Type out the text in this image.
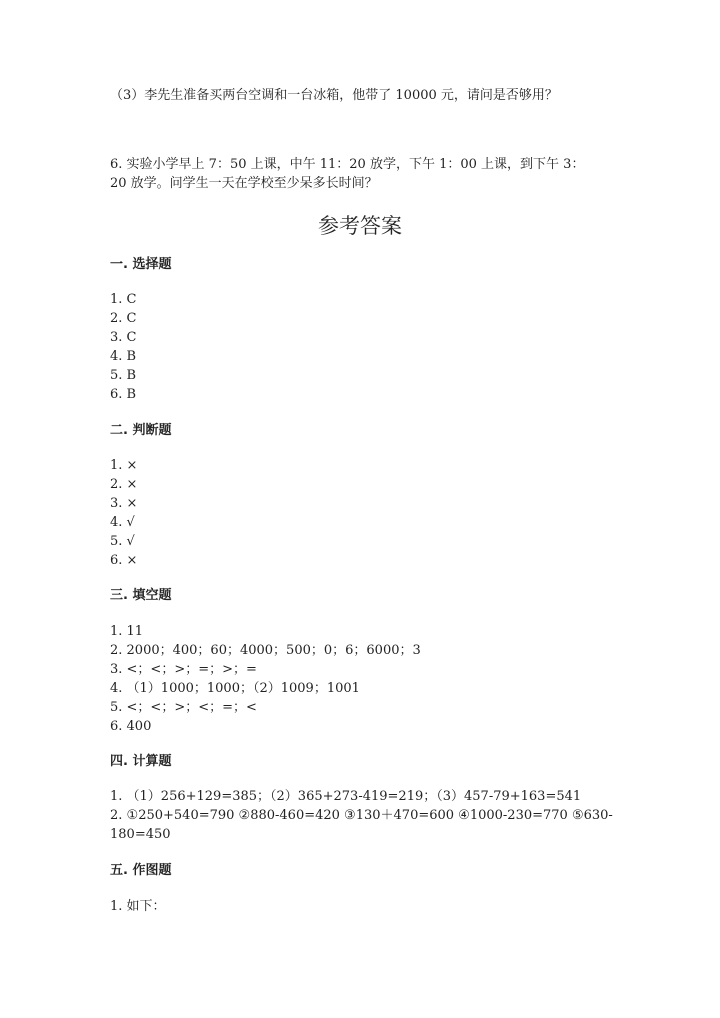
（3）李先生准备买两台空调和一台冰箱，他带了 10000 元，请问是否够用？
6. 实验小学早上 7：50 上课，中午 11：20 放学，下午 1：00 上课，到下午 3：
20 放学。问学生一天在学校至少呆多长时间？
参考答案
一. 选择题
1. C
2. C
3. C
4. B
5. B
6. B
二. 判断题
1. ×
2. ×
3. ×
4. √
5. √
6. ×
三. 填空题
1. 11
2. 2000；400；60；4000；500；0；6；6000；3
3. <；<；>；=；>；=
4. （1）1000；1000；（2）1009；1001
5. <；<；>；<；=；<
6. 400
四. 计算题
1. （1）256+129=385；（2）365+273-419=219；（3）457-79+163=541
2. ①250+540=790 ②880-460=420 ③130＋470=600 ④1000-230=770 ⑤630-
180=450
五. 作图题
1. 如下：
